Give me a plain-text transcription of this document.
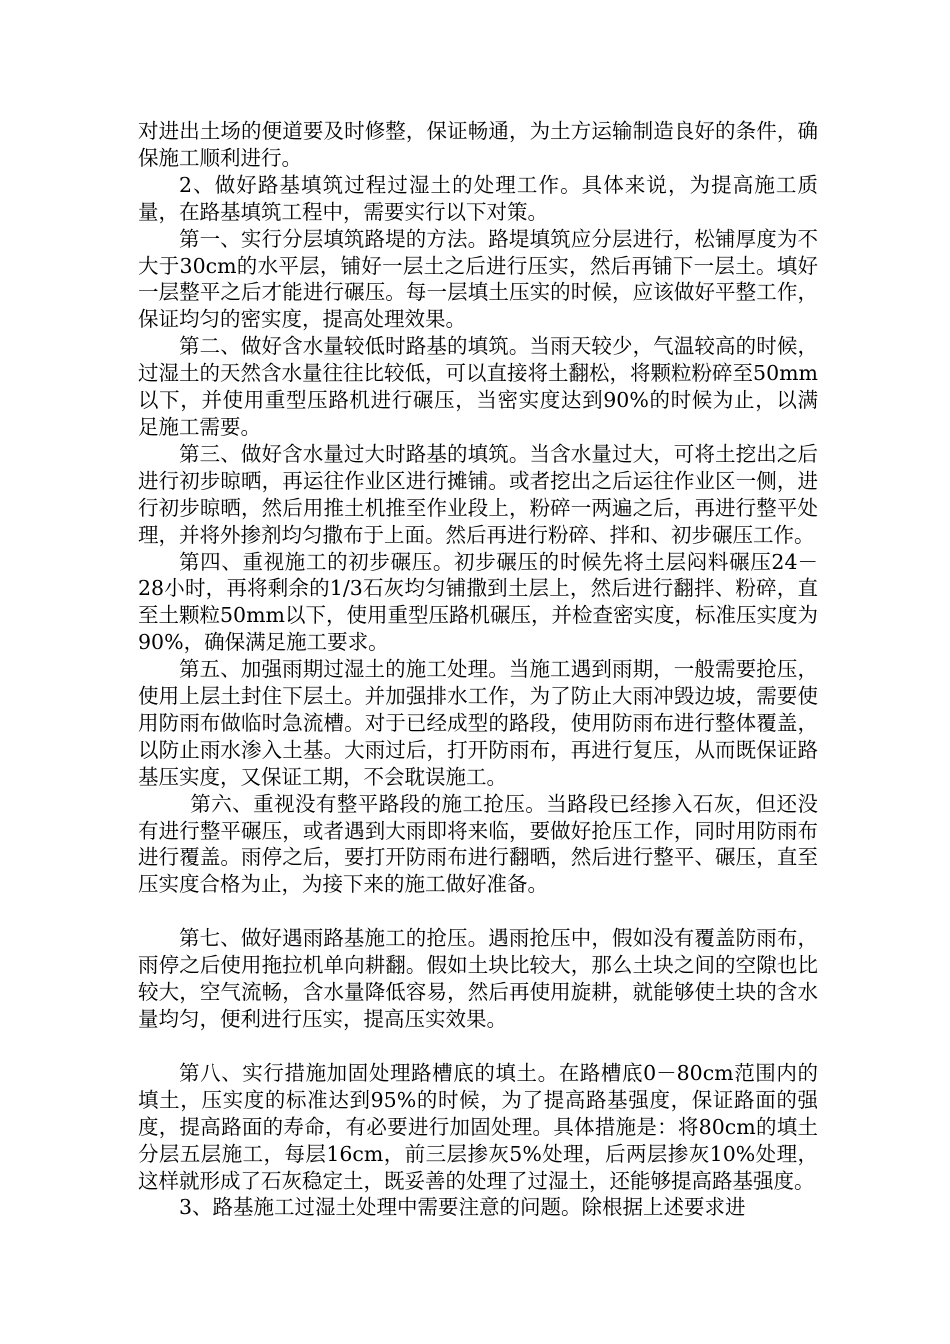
对进出土场的便道要及时修整，保证畅通，为土方运输制造良好的条件，确保施工顺利进行。

2、做好路基填筑过程过湿土的处理工作。具体来说，为提高施工质量，在路基填筑工程中，需要实行以下对策。

第一、实行分层填筑路堤的方法。路堤填筑应分层进行，松铺厚度为不大于30cm的水平层，铺好一层土之后进行压实，然后再铺下一层土。填好一层整平之后才能进行碾压。每一层填土压实的时候，应该做好平整工作，保证均匀的密实度，提高处理效果。

第二、做好含水量较低时路基的填筑。当雨天较少，气温较高的时候，过湿土的天然含水量往往比较低，可以直接将土翻松，将颗粒粉碎至50mm以下，并使用重型压路机进行碾压，当密实度达到90%的时候为止，以满足施工需要。

第三、做好含水量过大时路基的填筑。当含水量过大，可将土挖出之后进行初步晾晒，再运往作业区进行摊铺。或者挖出之后运往作业区一侧，进行初步晾晒，然后用推土机推至作业段上，粉碎一两遍之后，再进行整平处理，并将外掺剂均匀撒布于上面。然后再进行粉碎、拌和、初步碾压工作。

第四、重视施工的初步碾压。初步碾压的时候先将土层闷料碾压24－28小时，再将剩余的1/3石灰均匀铺撒到土层上，然后进行翻拌、粉碎，直至土颗粒50mm以下，使用重型压路机碾压，并检查密实度，标准压实度为90%，确保满足施工要求。

第五、加强雨期过湿土的施工处理。当施工遇到雨期，一般需要抢压，使用上层土封住下层土。并加强排水工作，为了防止大雨冲毁边坡，需要使用防雨布做临时急流槽。对于已经成型的路段，使用防雨布进行整体覆盖，以防止雨水渗入土基。大雨过后，打开防雨布，再进行复压，从而既保证路基压实度，又保证工期，不会耽误施工。

第六、重视没有整平路段的施工抢压。当路段已经掺入石灰，但还没有进行整平碾压，或者遇到大雨即将来临，要做好抢压工作，同时用防雨布进行覆盖。雨停之后，要打开防雨布进行翻晒，然后进行整平、碾压，直至压实度合格为止，为接下来的施工做好准备。

第七、做好遇雨路基施工的抢压。遇雨抢压中，假如没有覆盖防雨布，雨停之后使用拖拉机单向耕翻。假如土块比较大，那么土块之间的空隙也比较大，空气流畅，含水量降低容易，然后再使用旋耕，就能够使土块的含水量均匀，便利进行压实，提高压实效果。

第八、实行措施加固处理路槽底的填土。在路槽底0－80cm范围内的填土，压实度的标准达到95%的时候，为了提高路基强度，保证路面的强度，提高路面的寿命，有必要进行加固处理。具体措施是：将80cm的填土分层五层施工，每层16cm，前三层掺灰5%处理，后两层掺灰10%处理，这样就形成了石灰稳定土，既妥善的处理了过湿土，还能够提高路基强度。

3、路基施工过湿土处理中需要注意的问题。除根据上述要求进
